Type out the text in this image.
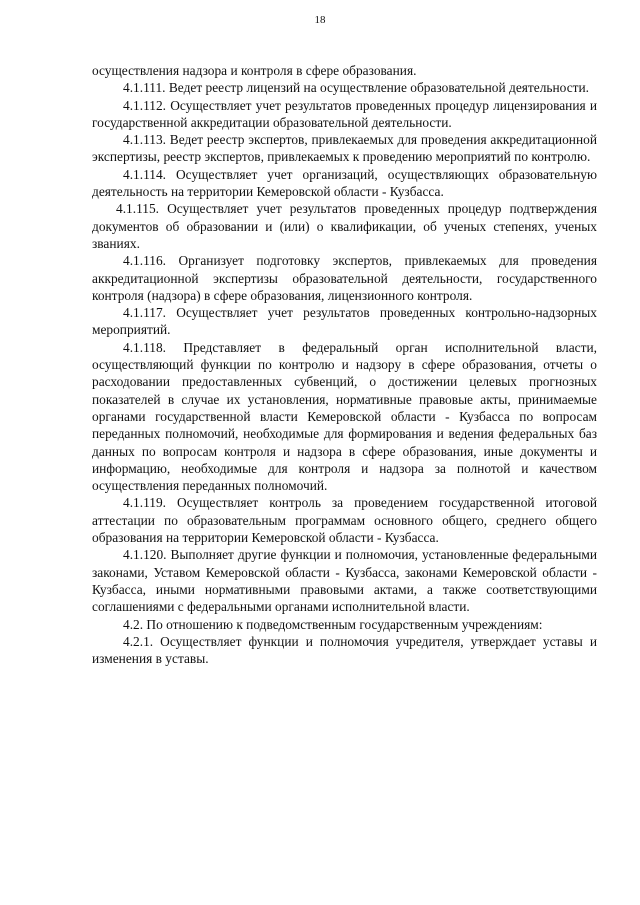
18

осуществления надзора и контроля в сфере образования.

4.1.111. Ведет реестр лицензий на осуществление образовательной деятельности.

4.1.112. Осуществляет учет результатов проведенных процедур лицензирования и государственной аккредитации образовательной деятельности.

4.1.113. Ведет реестр экспертов, привлекаемых для проведения аккредитационной экспертизы, реестр экспертов, привлекаемых к проведению мероприятий по контролю.

4.1.114. Осуществляет учет организаций, осуществляющих образовательную деятельность на территории Кемеровской области - Кузбасса.

4.1.115. Осуществляет учет результатов проведенных процедур подтверждения документов об образовании и (или) о квалификации, об ученых степенях, ученых званиях.

4.1.116. Организует подготовку экспертов, привлекаемых для проведения аккредитационной экспертизы образовательной деятельности, государственного контроля (надзора) в сфере образования, лицензионного контроля.

4.1.117. Осуществляет учет результатов проведенных контрольно-надзорных мероприятий.

4.1.118. Представляет в федеральный орган исполнительной власти, осуществляющий функции по контролю и надзору в сфере образования, отчеты о расходовании предоставленных субвенций, о достижении целевых прогнозных показателей в случае их установления, нормативные правовые акты, принимаемые органами государственной власти Кемеровской области - Кузбасса по вопросам переданных полномочий, необходимые для формирования и ведения федеральных баз данных по вопросам контроля и надзора в сфере образования, иные документы и информацию, необходимые для контроля и надзора за полнотой и качеством осуществления переданных полномочий.

4.1.119. Осуществляет контроль за проведением государственной итоговой аттестации по образовательным программам основного общего, среднего общего образования на территории Кемеровской области - Кузбасса.

4.1.120. Выполняет другие функции и полномочия, установленные федеральными законами, Уставом Кемеровской области - Кузбасса, законами Кемеровской области - Кузбасса, иными нормативными правовыми актами, а также соответствующими соглашениями с федеральными органами исполнительной власти.

4.2. По отношению к подведомственным государственным учреждениям:

4.2.1. Осуществляет функции и полномочия учредителя, утверждает уставы и изменения в уставы.
